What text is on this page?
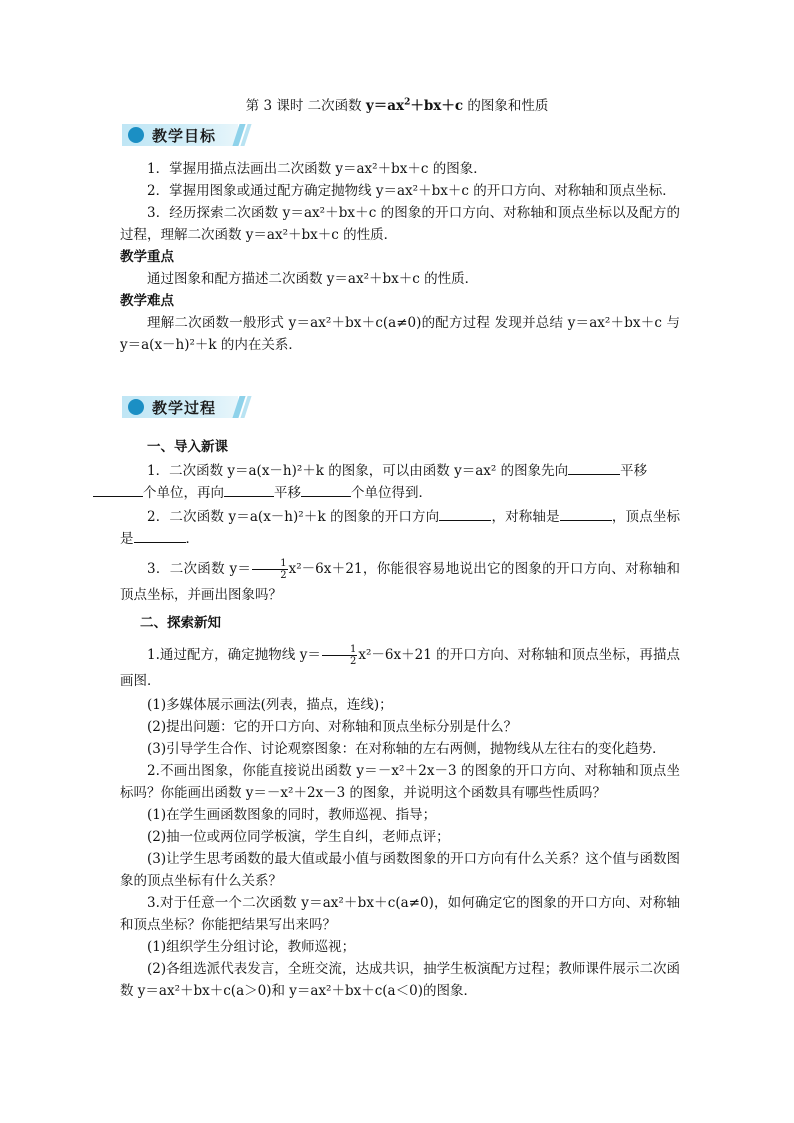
第 3 课时 二次函数 $y=ax^2+bx+c$ 的图象和性质
教学目标

1．掌握用描点法画出二次函数 y＝ax²＋bx＋c 的图象．

2．掌握用图象或通过配方确定抛物线 y＝ax²＋bx＋c 的开口方向、对称轴和顶点坐标．

3．经历探索二次函数 y＝ax²＋bx＋c 的图象的开口方向、对称轴和顶点坐标以及配方的过程，理解二次函数 y＝ax²＋bx＋c 的性质．

教学重点

通过图象和配方描述二次函数 y＝ax²＋bx＋c 的性质．

教学难点

理解二次函数一般形式 y＝ax²＋bx＋c(a≠0)的配方过程 发现并总结 y＝ax²＋bx＋c 与 y＝a(x－h)²＋k 的内在关系．

教学过程

一、导入新课

1．二次函数 y＝a(x－h)²＋k 的图象，可以由函数 y＝ax² 的图象先向	平移
个单位，再向	平移	个单位得到．

2．二次函数 y＝a(x－h)²＋k 的图象的开口方向	，对称轴是	，顶点坐标是	．

3．二次函数 $y= \frac{1}{2} x^2-6x+21$，你能很容易地说出它的图象的开口方向、对称轴和顶点坐标，并画出图象吗？

二、探索新知

1.通过配方，确定抛物线 $y= \frac{1}{2} x^2-6x+21$ 的开口方向、对称轴和顶点坐标，再描点画图．

(1)多媒体展示画法(列表，描点，连线)；

(2)提出问题：它的开口方向、对称轴和顶点坐标分别是什么？

(3)引导学生合作、讨论观察图象：在对称轴的左右两侧，抛物线从左往右的变化趋势．

2.不画出图象，你能直接说出函数 y＝－x²＋2x－3 的图象的开口方向、对称轴和顶点坐标吗？你能画出函数 y＝－x²＋2x－3 的图象，并说明这个函数具有哪些性质吗？

(1)在学生画函数图象的同时，教师巡视、指导；

(2)抽一位或两位同学板演，学生自纠，老师点评；

(3)让学生思考函数的最大值或最小值与函数图象的开口方向有什么关系？这个值与函数图象的顶点坐标有什么关系？

3.对于任意一个二次函数 y＝ax²＋bx＋c(a≠0)，如何确定它的图象的开口方向、对称轴和顶点坐标？你能把结果写出来吗？

(1)组织学生分组讨论，教师巡视；

(2)各组选派代表发言，全班交流，达成共识，抽学生板演配方过程；教师课件展示二次函数 y＝ax²＋bx＋c(a＞0)和 y＝ax²＋bx＋c(a＜0)的图象．
